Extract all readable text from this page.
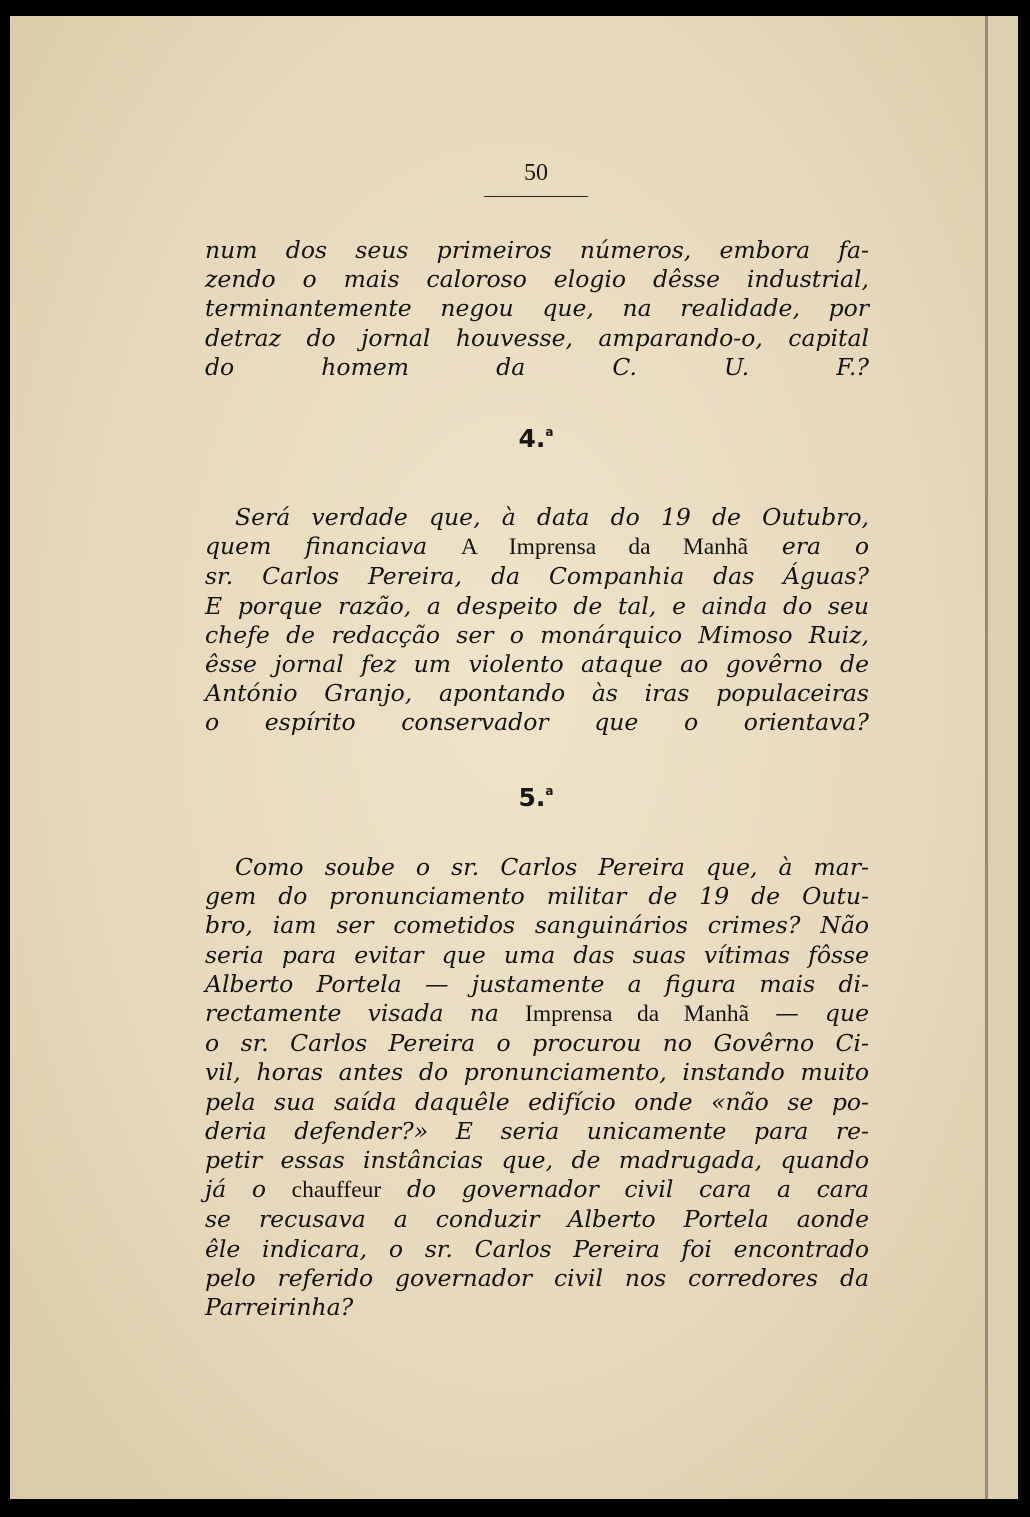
50

num dos seus primeiros números, embora fa-
zendo o mais caloroso elogio dêsse industrial,
terminantemente negou que, na realidade, por
detraz do jornal houvesse, amparando-o, capital
do homem da C. U. F.?

4.$^a$

Será verdade que, à data do 19 de Outubro,
quem financiava A Imprensa da Manhã era o
sr. Carlos Pereira, da Companhia das Águas?
E porque razão, a despeito de tal, e ainda do seu
chefe de redacção ser o monárquico Mimoso Ruiz,
êsse jornal fez um violento ataque ao govêrno de
António Granjo, apontando às iras populaceiras
o espírito conservador que o orientava?

5.$^a$

Como soube o sr. Carlos Pereira que, à mar-
gem do pronunciamento militar de 19 de Outu-
bro, iam ser cometidos sanguinários crimes? Não
seria para evitar que uma das suas vítimas fôsse
Alberto Portela — justamente a figura mais di-
rectamente visada na Imprensa da Manhã — que
o sr. Carlos Pereira o procurou no Govêrno Ci-
vil, horas antes do pronunciamento, instando muito
pela sua saída daquêle edifício onde «não se po-
deria defender?» E seria unicamente para re-
petir essas instâncias que, de madrugada, quando
já o chauffeur do governador civil cara a cara
se recusava a conduzir Alberto Portela aonde
êle indicara, o sr. Carlos Pereira foi encontrado
pelo referido governador civil nos corredores da
Parreirinha?
